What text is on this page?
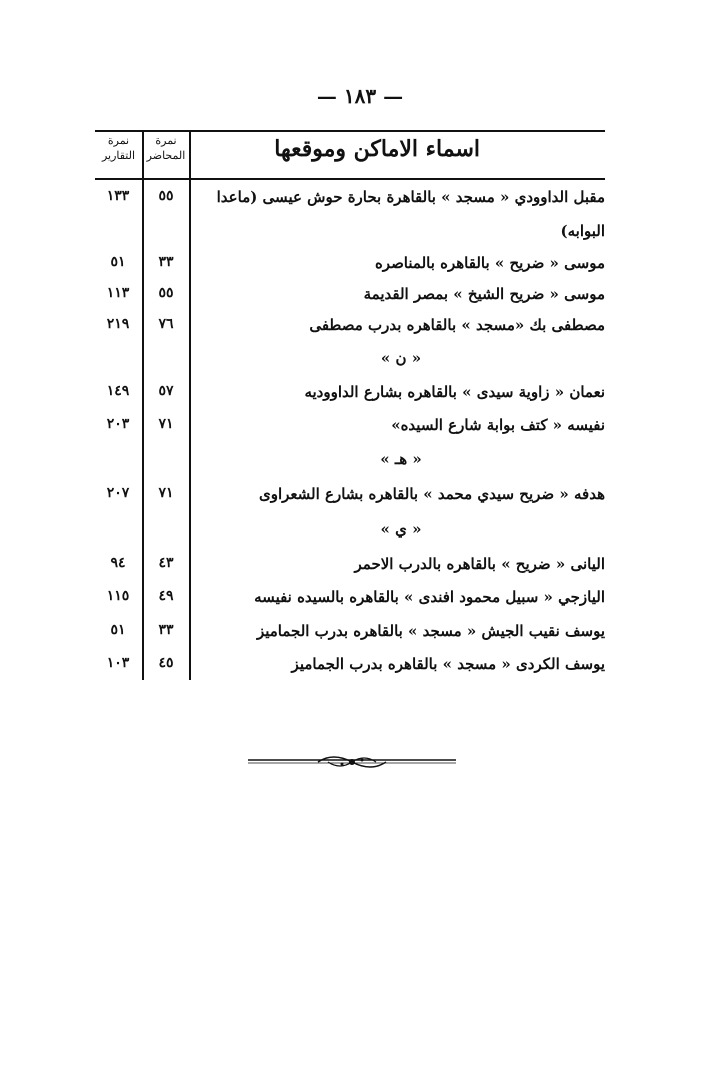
— ١٨٣ —
اسماء الاماكن وموقعها
نمرة
المحاضر
نمرة
التقارير
مقبل الداوودي « مسجد » بالقاهرة بحارة حوش عيسى (ماعدا
٥٥
١٣٣
البوابه)
موسى « ضريح » بالقاهره بالمناصره
٣٣
٥١
موسى « ضريح الشيخ » بمصر القديمة
٥٥
١١٣
مصطفى بك «مسجد » بالقاهره بدرب مصطفى
٧٦
٢١٩
« ن »
نعمان « زاوية سيدى » بالقاهره بشارع الداووديه
٥٧
١٤٩
نفيسه « كتف بوابة شارع السيده»
٧١
٢٠٣
« هـ »
هدفه « ضريح سيدي محمد » بالقاهره بشارع الشعراوى
٧١
٢٠٧
« ي »
اليانى « ضريح » بالقاهره بالدرب الاحمر
٤٣
٩٤
اليازجي « سبيل محمود افندى » بالقاهره بالسيده نفيسه
٤٩
١١٥
يوسف نقيب الجيش « مسجد » بالقاهره بدرب الجماميز
٣٣
٥١
يوسف الكردى « مسجد » بالقاهره بدرب الجماميز
٤٥
١٠٣
